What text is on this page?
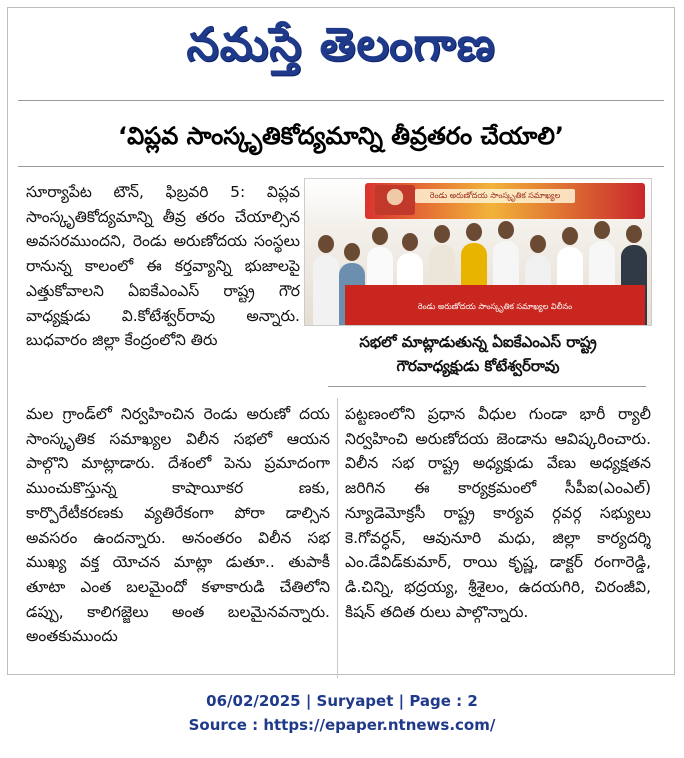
నమస్తే తెలంగాణ
‘విప్లవ సాంస్కృతికోద్యమాన్ని తీవ్రతరం చేయాలి’

సూర్యాపేట టౌన్, ఫిబ్రవరి 5: విప్లవ సాంస్కృతికోద్యమాన్ని తీవ్ర తరం చేయాల్సిన అవసరముందని, రెండు అరుణోదయ సంస్థలు రానున్న కాలంలో ఈ కర్తవ్యాన్ని భుజాలపై ఎత్తుకోవాలని ఏఐకేఎంఎస్ రాష్ట్ర గౌర వాధ్యక్షుడు వి.కోటేశ్వర్‌రావు అన్నారు. బుధవారం జిల్లా కేంద్రంలోని తిరు

రెండు అరుణోదయ సాంస్కృతిక సమాఖ్యల
రెండు అరుణోదయ సాంస్కృతిక సమాఖ్యల విలీనం
సభలో మాట్లాడుతున్న ఏఐకేఎంఎస్ రాష్ట్ర
గౌరవాధ్యక్షుడు కోటేశ్వర్‌రావు

మల గ్రాండ్‌లో నిర్వహించిన రెండు అరుణో దయ సాంస్కృతిక సమాఖ్యల విలీన సభలో ఆయన పాల్గొని మాట్లాడారు. దేశంలో పెను ప్రమాదంగా ముంచుకొస్తున్న కాషాయీకర ణకు, కార్పొరేటీకరణకు వ్యతిరేకంగా పోరా డాల్సిన అవసరం ఉందన్నారు. అనంతరం విలీన సభ ముఖ్య వక్త యోచన మాట్లా డుతూ.. తుపాకీ తూటా ఎంత బలమైందో కళాకారుడి చేతిలోని డప్పు, కాలిగజ్జెలు అంత బలమైనవన్నారు. అంతకుముందు

పట్టణంలోని ప్రధాన వీధుల గుండా భారీ ర్యాలీ నిర్వహించి అరుణోదయ జెండాను ఆవిష్కరించారు. విలీన సభ రాష్ట్ర అధ్యక్షుడు వేణు అధ్యక్షతన జరిగిన ఈ కార్యక్రమంలో సీపీఐ(ఎంఎల్) న్యూడెమోక్రసీ రాష్ట్ర కార్యవ ర్గవర్గ సభ్యులు కె.గోవర్ధన్, ఆవునూరి మధు, జిల్లా కార్యదర్శి ఎం.డేవిడ్‌కుమార్, రాయి కృష్ణ, డాక్టర్ రంగారెడ్డి, డి.చిన్ని, భద్రయ్య, శ్రీశైలం, ఉదయగిరి, చిరంజీవి, కిషన్ తదిత రులు పాల్గొన్నారు.

06/02/2025 | Suryapet | Page : 2
Source : https://epaper.ntnews.com/
